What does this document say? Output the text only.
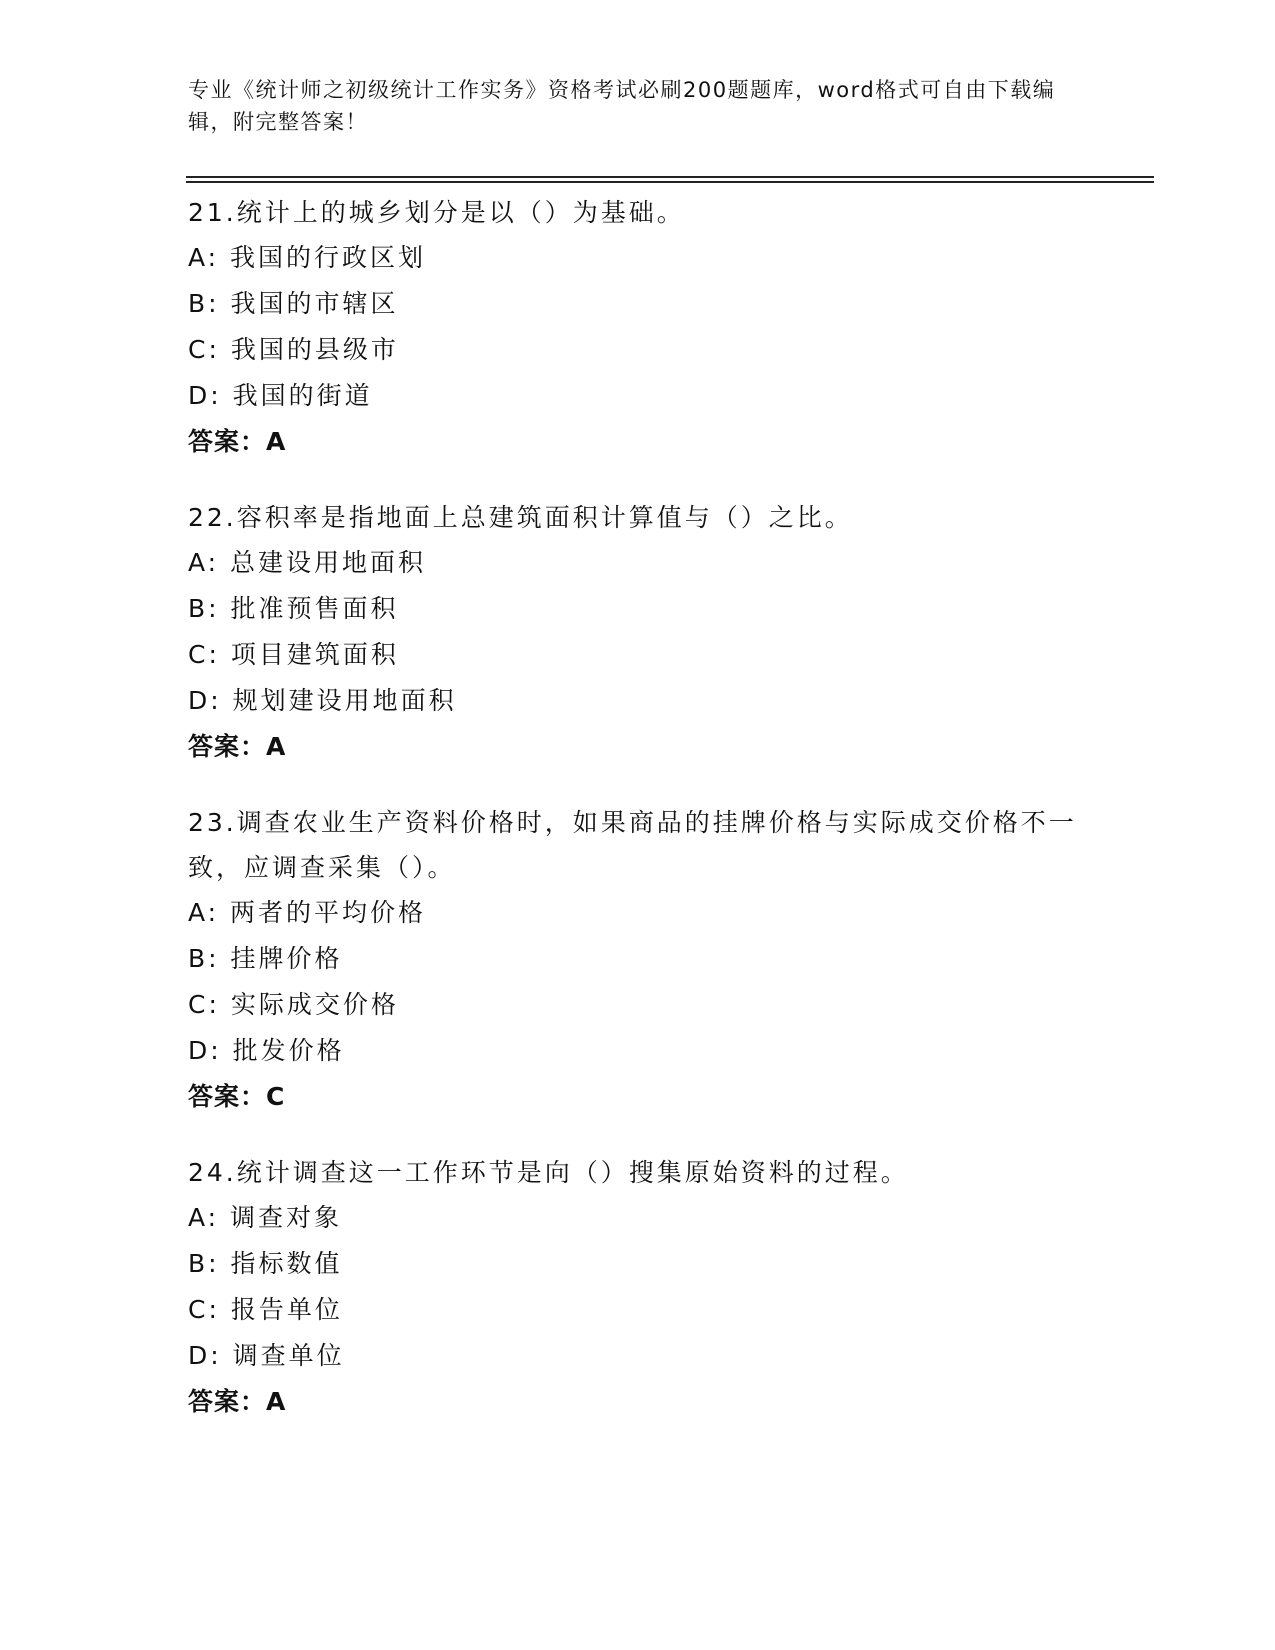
专业《统计师之初级统计工作实务》资格考试必刷200题题库，word格式可自由下载编辑，附完整答案！
21.统计上的城乡划分是以（）为基础。
A: 我国的行政区划
B: 我国的市辖区
C: 我国的县级市
D: 我国的街道
答案：A
22.容积率是指地面上总建筑面积计算值与（）之比。
A: 总建设用地面积
B: 批准预售面积
C: 项目建筑面积
D: 规划建设用地面积
答案：A
23.调查农业生产资料价格时，如果商品的挂牌价格与实际成交价格不一致，应调查采集（）。
A: 两者的平均价格
B: 挂牌价格
C: 实际成交价格
D: 批发价格
答案：C
24.统计调查这一工作环节是向（）搜集原始资料的过程。
A: 调查对象
B: 指标数值
C: 报告单位
D: 调查单位
答案：A
